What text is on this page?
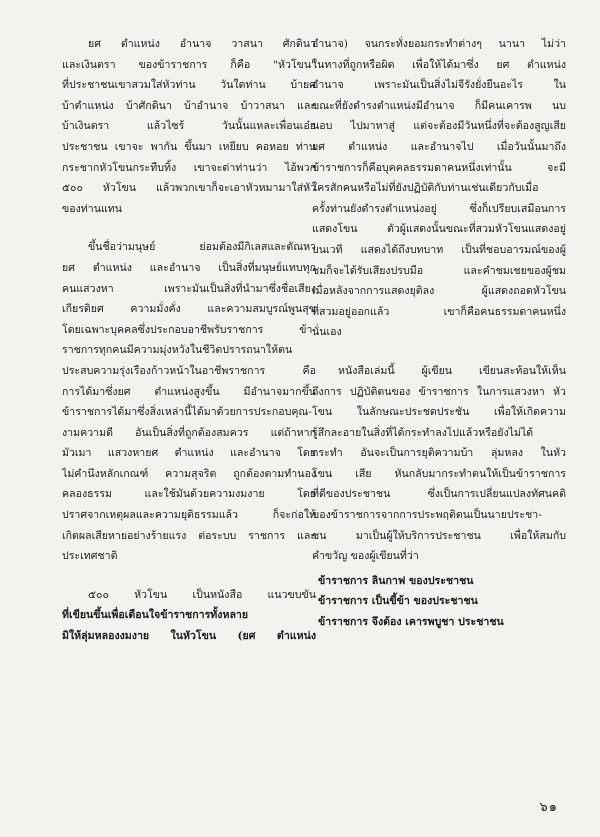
ยศ ตำแหน่ง อำนาจ วาสนา ศักดินา
และเงินตรา ของข้าราชการ ก็คือ "หัวโขน"
ที่ประชาชนเขาสวมใส่หัวท่าน วันใดท่าน บ้ายศ
บ้าตำแหน่ง บ้าศักดินา บ้าอำนาจ บ้าวาสนา และ
บ้าเงินตรา แล้วไซร้ วันนั้นแหละเพื่อนเอ๋ย
ประชาชน เขาจะ พากัน ขึ้นมา เหยียบ คอหอย ท่าน
กระชากหัวโขนกระทืบทิ้ง เขาจะด่าท่านว่า ไอ้พวก
๕๐๐ หัวโขน แล้วพวกเขาก็จะเอาหัวหมามาใส่หัว
ของท่านแทน
ขึ้นชื่อว่ามนุษย์ ย่อมต้องมีกิเลสและตัณหา
ยศ ตำแหน่ง และอำนาจ เป็นสิ่งที่มนุษย์แทบทุก
คนแสวงหา เพราะมันเป็นสิ่งที่นำมาซึ่งชื่อเสียง
เกียรติยศ ความมั่งคั่ง และความสมบูรณ์พูนสุข
โดยเฉพาะบุคคลซึ่งประกอบอาชีพรับราชการ ข้า-
ราชการทุกคนมีความมุ่งหวังในชีวิตปรารถนาให้ตน
ประสบความรุ่งเรืองก้าวหน้าในอาชีพราชการ คือ
การได้มาซึ่งยศ ตำแหน่งสูงขึ้น มีอำนาจมากขึ้น
ข้าราชการได้มาซึ่งสิ่งเหล่านี้ได้มาด้วยการประกอบคุณ-
งามความดี อันเป็นสิ่งที่ถูกต้องสมควร แต่ถ้าหาก
มัวเมา แสวงหายศ ตำแหน่ง และอำนาจ โดย
ไม่คำนึงหลักเกณฑ์ ความสุจริต ถูกต้องตามทำนอง
คลองธรรม และใช้มันด้วยความงมงาย โดย
ปราศจากเหตุผลและความยุติธรรมแล้ว ก็จะก่อให้
เกิดผลเสียหายอย่างร้ายแรง ต่อระบบ ราชการ และ
ประเทศชาติ
๕๐๐ หัวโขน เป็นหนังสือ แนวขบขัน
ที่เขียนขึ้นเพื่อเตือนใจข้าราชการทั้งหลาย
มิให้ลุ่มหลองงมงาย ในหัวโขน (ยศ ตำแหน่ง
อำนาจ) จนกระทั่งยอมกระทำต่างๆ นานา ไม่ว่า
ในทางที่ถูกหรือผิด เพื่อให้ได้มาซึ่ง ยศ ตำแหน่ง
อำนาจ เพราะมันเป็นสิ่งไม่จีรังยั่งยืนอะไร ใน
ขณะที่ยังดำรงตำแหน่งมีอำนาจ ก็มีคนเคารพ นบ
นอบ ไปมาหาสู่ แต่จะต้องมีวันหนึ่งที่จะต้องสูญเสีย
ยศ ตำแหน่ง และอำนาจไป เมื่อวันนั้นมาถึง
ข้าราชการก็คือบุคคลธรรมดาคนหนึ่งเท่านั้น จะมี
ใครสักคนหรือไม่ที่ยังปฏิบัติกับท่านเช่นเดียวกับเมื่อ
ครั้งท่านยังดำรงตำแหน่งอยู่ ซึ่งก็เปรียบเสมือนการ
แสดงโขน ตัวผู้แสดงนั้นขณะที่สวมหัวโขนแสดงอยู่
บนเวที แสดงได้ถึงบทบาท เป็นที่ชอบอารมณ์ของผู้
ชมก็จะได้รับเสียงปรบมือ และคำชมเชยของผู้ชม
เมื่อหลังจากการแสดงยุติลง ผู้แสดงถอดหัวโขน
ที่สวมอยู่ออกแล้ว เขาก็คือคนธรรมดาคนหนึ่ง
นั่นเอง
หนังสือเล่มนี้ ผู้เขียน เขียนสะท้อนให้เห็น
ถึงการ ปฏิบัติตนของ ข้าราชการ ในการแสวงหา หัว
โขน ในลักษณะประชดประชัน เพื่อให้เกิดความ
รู้สึกละอายในสิ่งที่ได้กระทำลงไปแล้วหรือยังไม่ได้
กระทำ อันจะเป็นการยุติความบ้า ลุ่มหลง ในหัว
โขน เสีย หันกลับมากระทำตนให้เป็นข้าราชการ
ที่ดีของประชาชน ซึ่งเป็นการเปลี่ยนแปลงทัศนคติ
ของข้าราชการจากการประพฤติตนเป็นนายประชา-
ชน มาเป็นผู้ให้บริการประชาชน เพื่อให้สมกับ
คำขวัญ ของผู้เขียนที่ว่า
ข้าราชการ ลินกาฟ ของประชาชน
ข้าราชการ เป็นขี้ข้า ของประชาชน
ข้าราชการ จึงต้อง เคารพบูชา ประชาชน
๖๑
